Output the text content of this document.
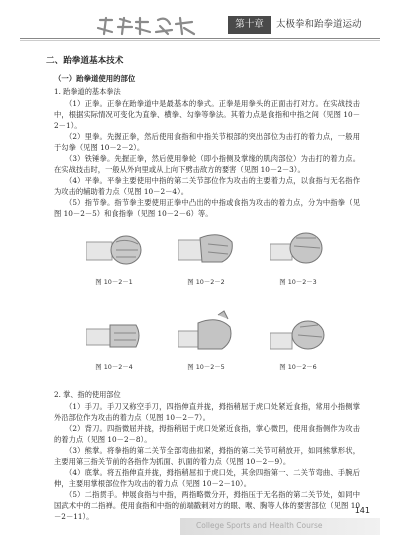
第十章	太极拳和跆拳道运动
二、跆拳道基本技术
（一）跆拳道使用的部位
1. 跆拳道的基本拳法

（1）正拳。正拳在跆拳道中是最基本的拳式。正拳是用拳头的正面击打对方。在实战技击中，根据实际情况可变化为直拳、横拳、勾拳等拳法。其着力点是食指和中指之间（见图 10－2－1）。

（2）里拳。先握正拳，然后使用食指和中指关节根部的突出部位为击打的着力点，一般用于勾拳（见图 10－2－2）。

（3）铁锤拳。先握正拳，然后使用拳轮（即小指侧及掌缘的肌肉部位）为击打的着力点。在实战技击时，一般从外向里或从上向下劈击敌方的要害（见图 10－2－3）。

（4）平拳。平拳主要使用中指的第二关节部位作为攻击的主要着力点，以食指与无名指作为攻击的辅助着力点（见图 10－2－4）。

（5）指节拳。指节拳主要使用正拳中凸出的中指或食指为攻击的着力点，分为中指拳（见图 10－2－5）和食指拳（见图 10－2－6）等。

图 10－2－1	图 10－2－2	图 10－2－3
图 10－2－4	图 10－2－5	图 10－2－6
2. 掌、指的使用部位

（1）手刀。手刀又称空手刀，四指伸直并拢，拇指稍屈于虎口处紧近食指，常用小指侧掌外沿部位作为攻击的着力点（见图 10－2－7）。

（2）背刀。四指微屈并拢，拇指稍屈于虎口处紧近食指，掌心微凹，使用食指侧作为攻击的着力点（见图 10－2－8）。

（3）熊掌。将拳指的第二关节全部弯曲扣紧，拇指的第二关节可稍放开，如同熊掌形状，主要用第三指关节前的各指作为抓面、扒面的着力点（见图 10－2－9）。

（4）底掌。将五指伸直并拢，拇指稍屈扣于虎口处，其余四指第一、二关节弯曲、手腕后伸，主要用掌根部位作为攻击的着力点（见图 10－2－10）。

（5）二指贯手。伸展食指与中指，两指略微分开，拇指压于无名指的第二关节处，如同中国武术中的二指禅。使用食指和中指的前端戳刺对方的眼、喉、胸等人体的要害部位（见图 10－2－11）。

141
College Sports and Health Course
